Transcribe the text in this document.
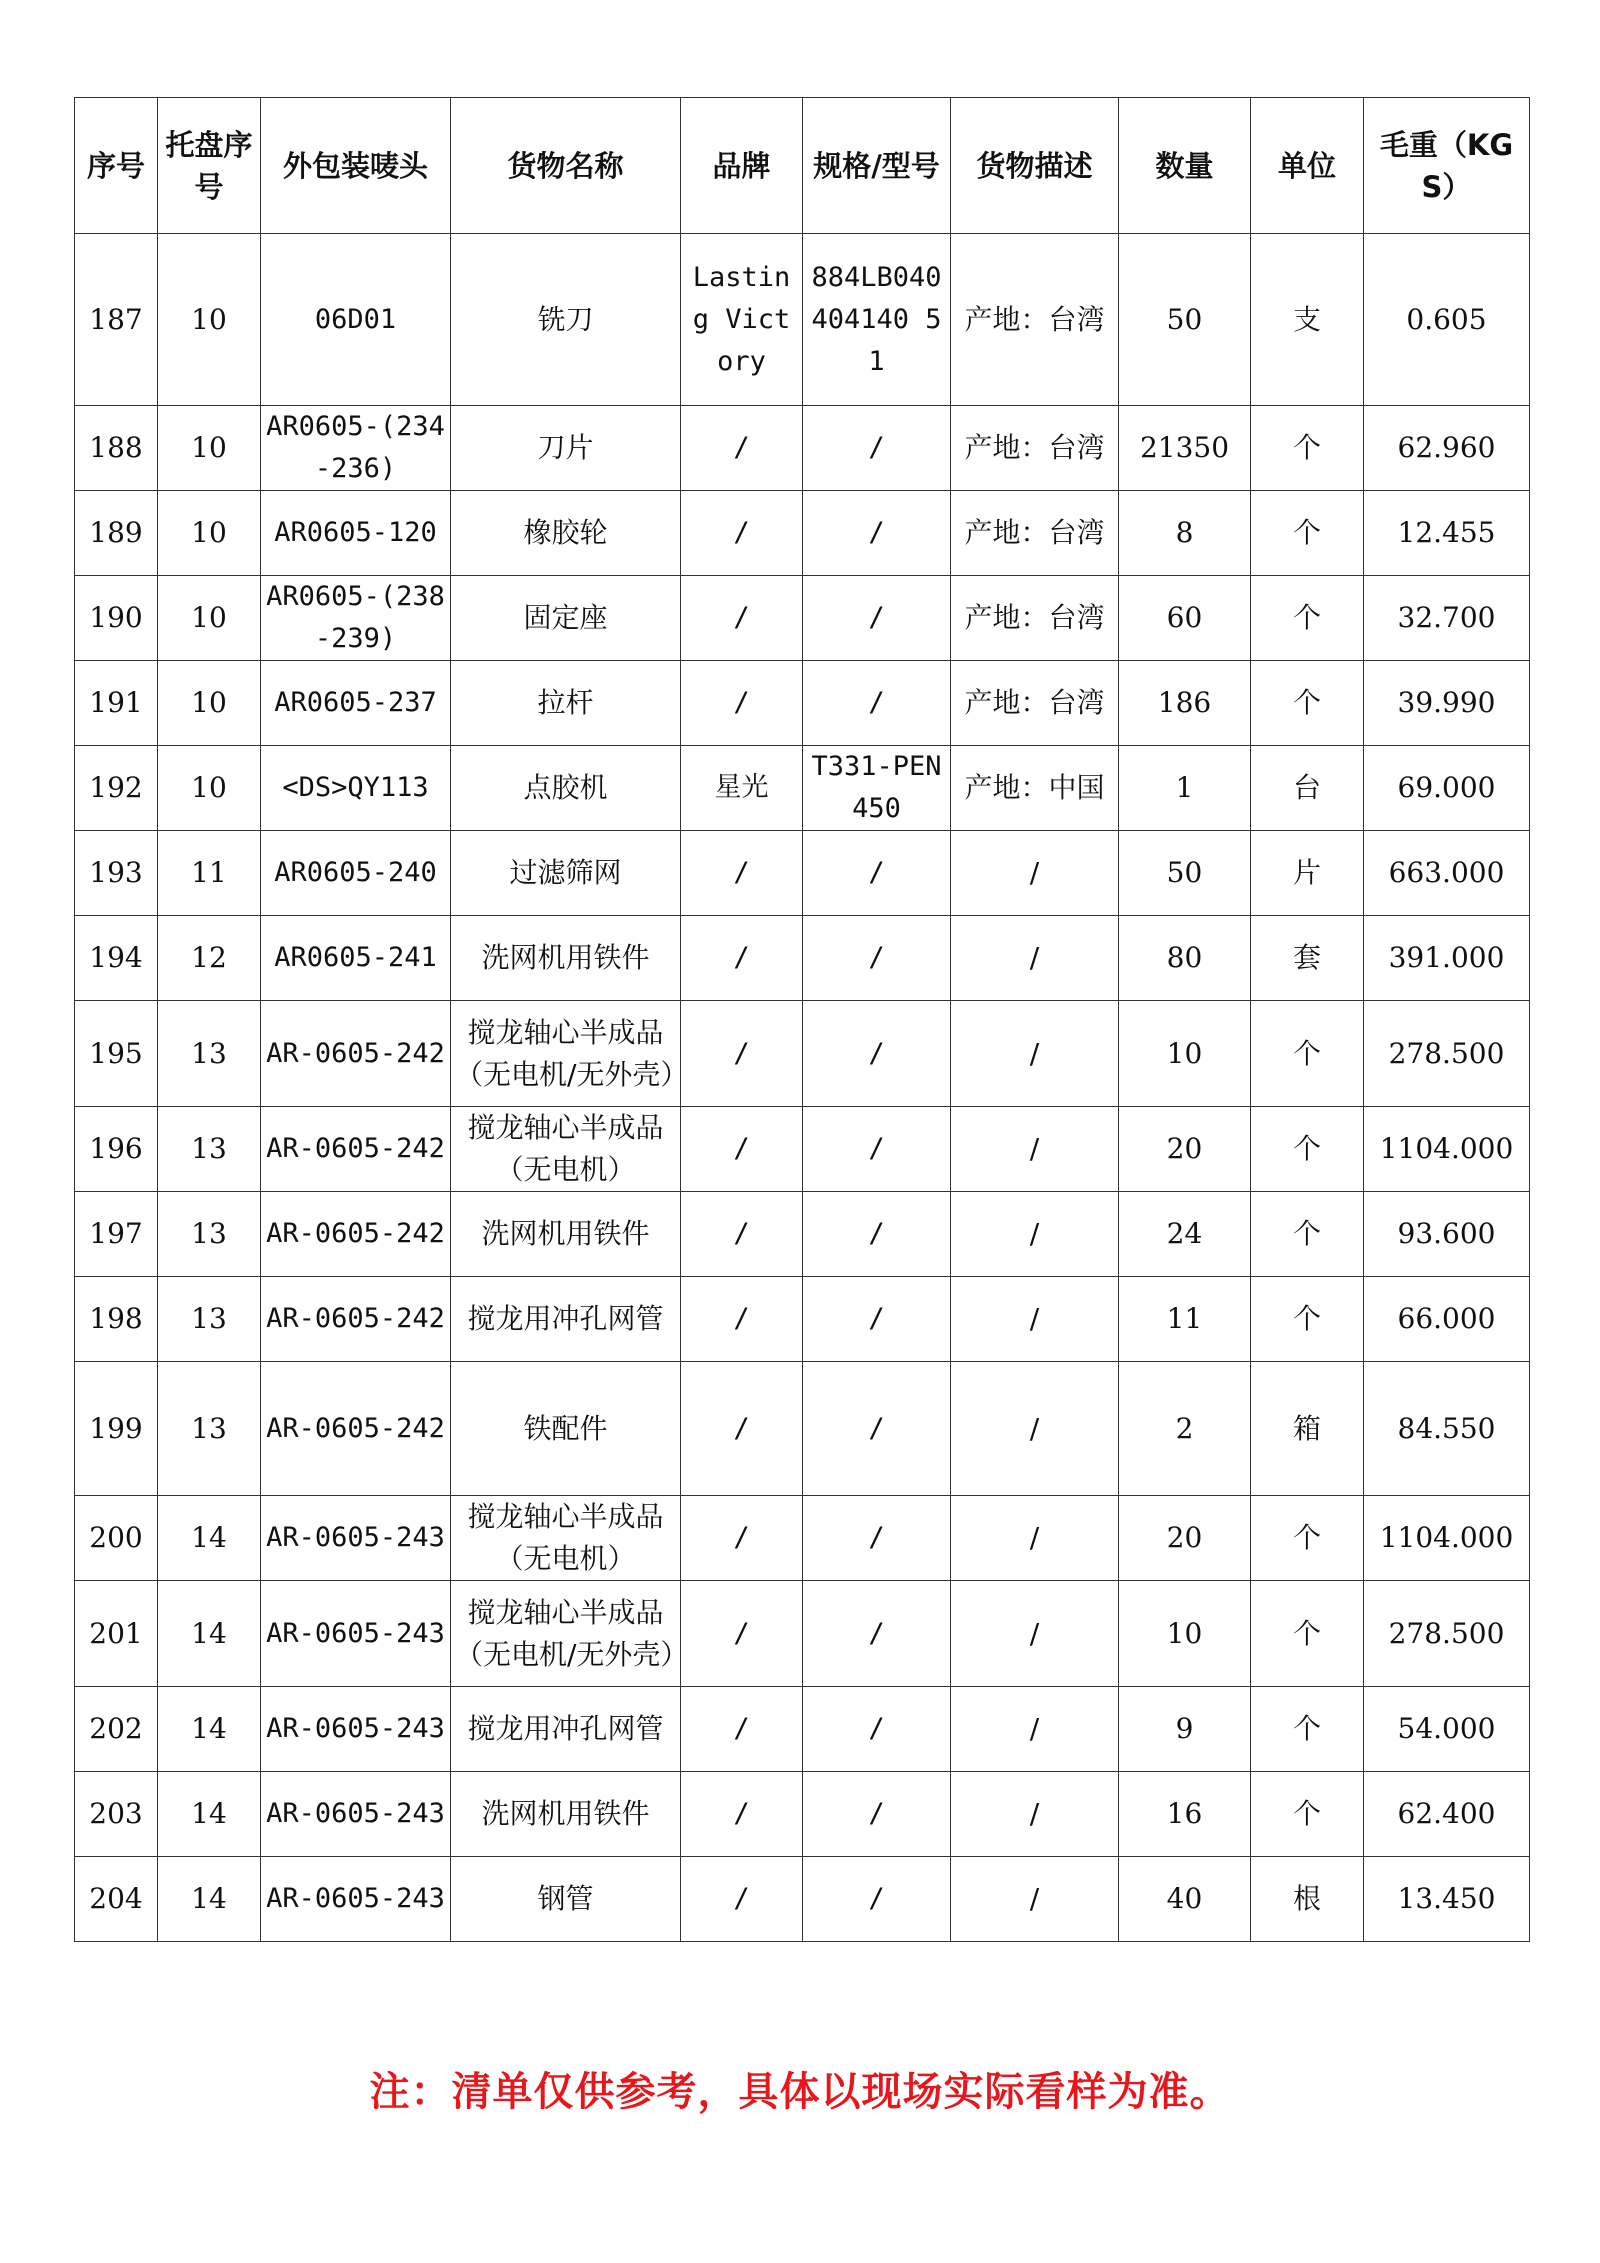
序号	托盘序号	外包装唛头	货物名称	品牌	规格/型号	货物描述	数量	单位	毛重（KGS）
187	10	06D01	铣刀	Lasting Victory	884LB040404140 51	产地：台湾	50	支	0.605
188	10	AR0605-(234-236)	刀片	/	/	产地：台湾	21350	个	62.960
189	10	AR0605-120	橡胶轮	/	/	产地：台湾	8	个	12.455
190	10	AR0605-(238-239)	固定座	/	/	产地：台湾	60	个	32.700
191	10	AR0605-237	拉杆	/	/	产地：台湾	186	个	39.990
192	10	<DS>QY113	点胶机	星光	T331-PEN450	产地：中国	1	台	69.000
193	11	AR0605-240	过滤筛网	/	/	/	50	片	663.000
194	12	AR0605-241	洗网机用铁件	/	/	/	80	套	391.000
195	13	AR-0605-242	搅龙轴心半成品（无电机/无外壳）	/	/	/	10	个	278.500
196	13	AR-0605-242	搅龙轴心半成品（无电机）	/	/	/	20	个	1104.000
197	13	AR-0605-242	洗网机用铁件	/	/	/	24	个	93.600
198	13	AR-0605-242	搅龙用冲孔网管	/	/	/	11	个	66.000
199	13	AR-0605-242	铁配件	/	/	/	2	箱	84.550
200	14	AR-0605-243	搅龙轴心半成品（无电机）	/	/	/	20	个	1104.000
201	14	AR-0605-243	搅龙轴心半成品（无电机/无外壳）	/	/	/	10	个	278.500
202	14	AR-0605-243	搅龙用冲孔网管	/	/	/	9	个	54.000
203	14	AR-0605-243	洗网机用铁件	/	/	/	16	个	62.400
204	14	AR-0605-243	钢管	/	/	/	40	根	13.450
注：清单仅供参考，具体以现场实际看样为准。
